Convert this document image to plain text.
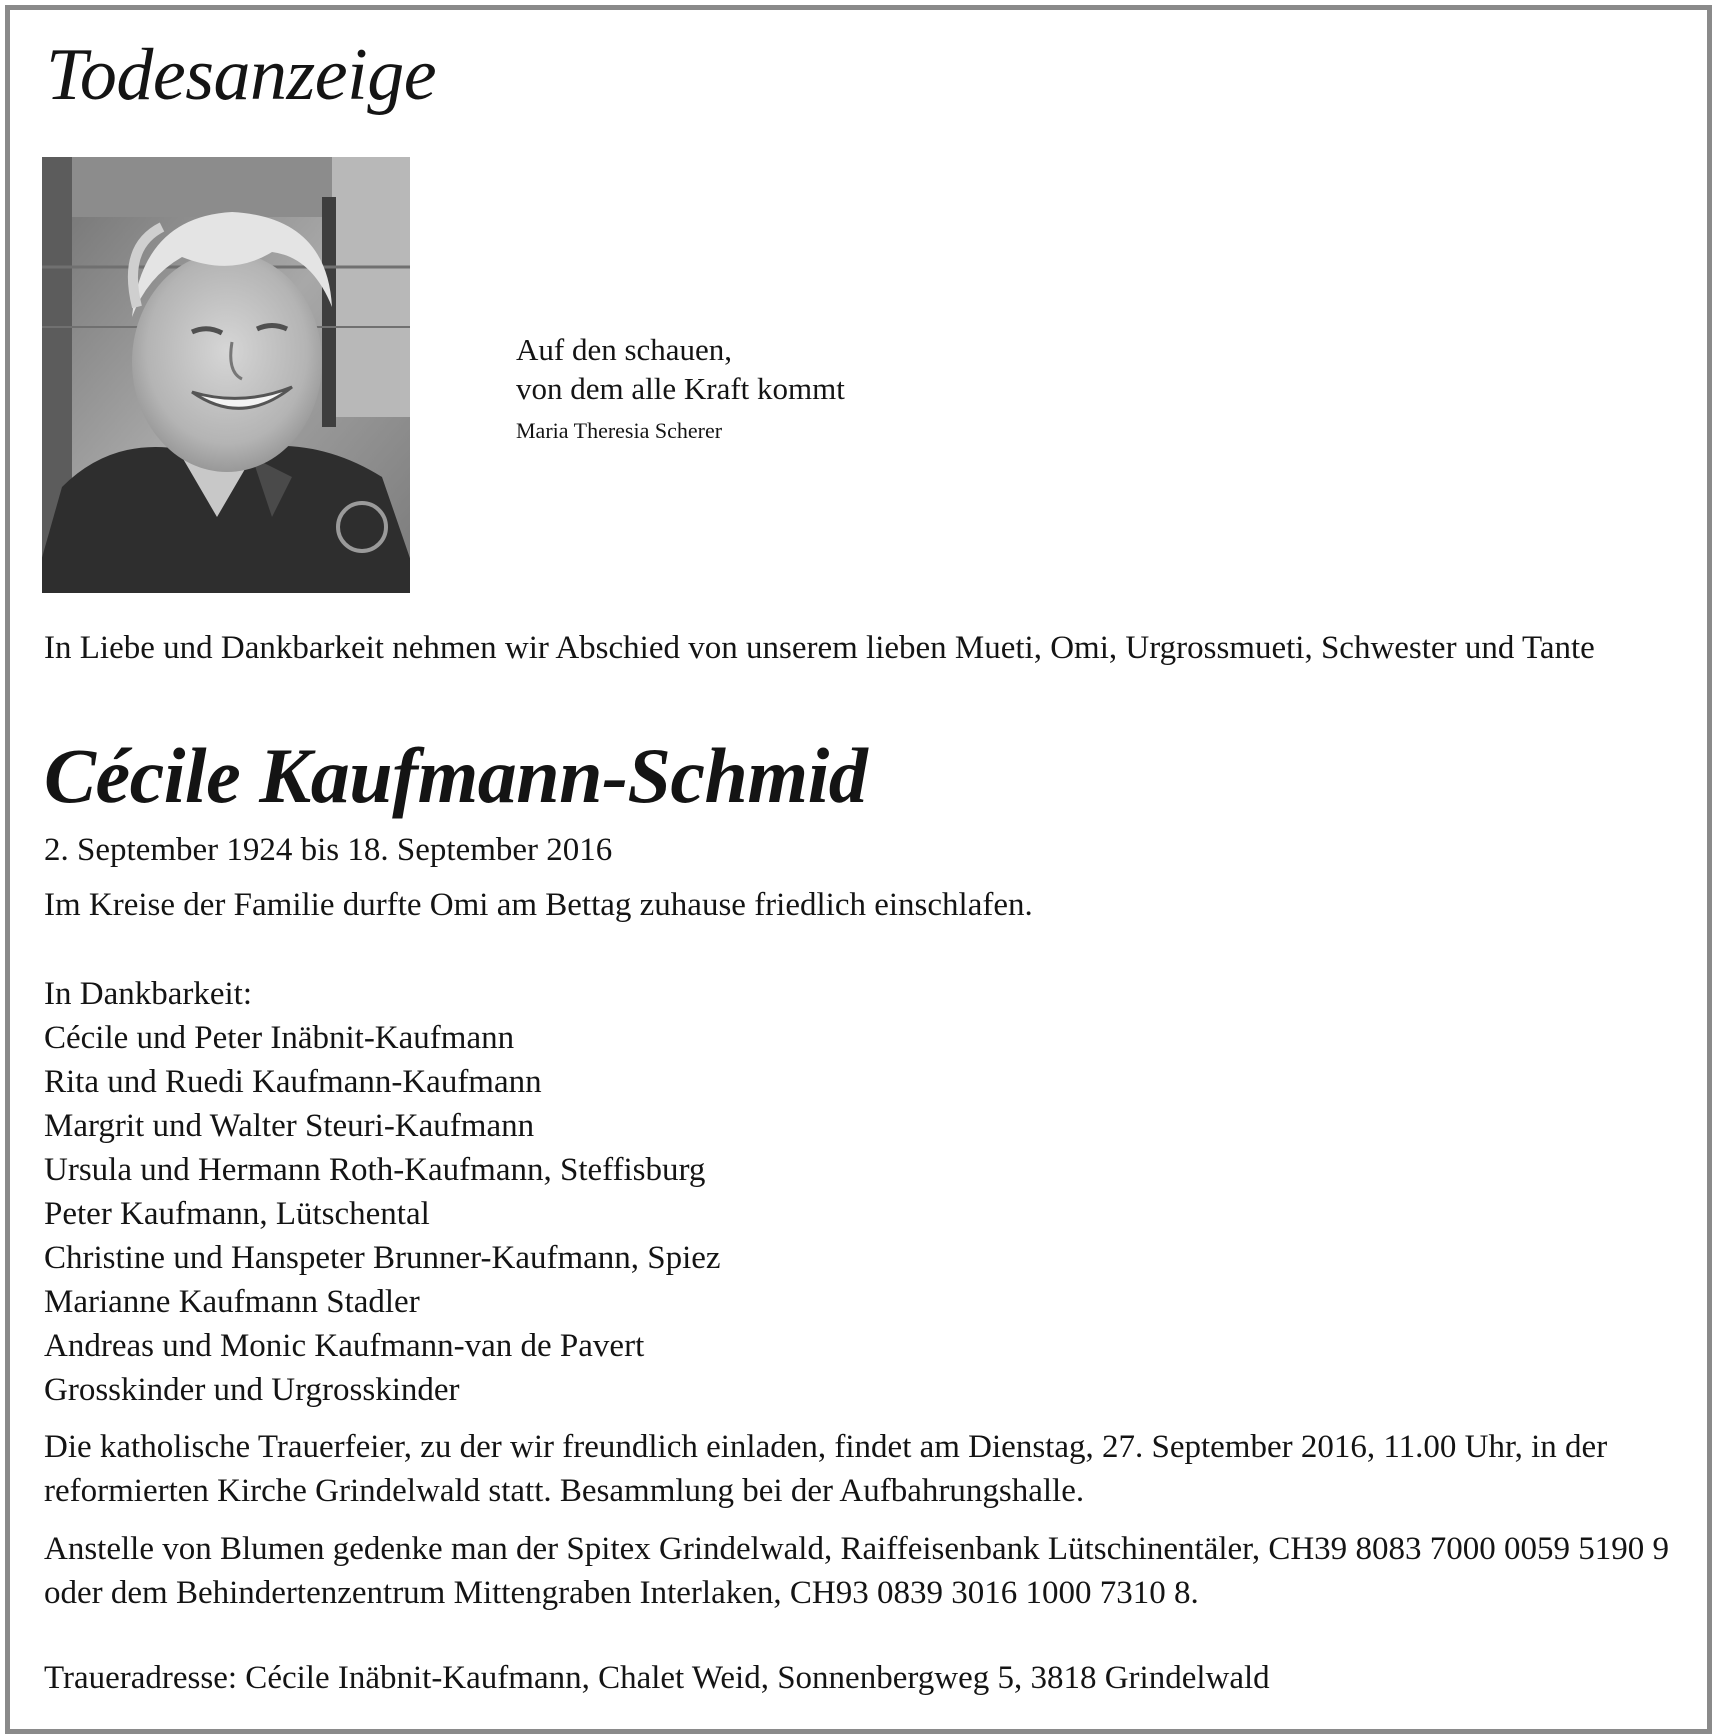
Todesanzeige
Auf den schauen,
von dem alle Kraft kommt
Maria Theresia Scherer
In Liebe und Dankbarkeit nehmen wir Abschied von unserem lieben Mueti, Omi, Urgrossmueti, Schwester und Tante
Cécile Kaufmann-Schmid
2. September 1924 bis 18. September 2016
Im Kreise der Familie durfte Omi am Bettag zuhause friedlich einschlafen.
In Dankbarkeit:
Cécile und Peter Inäbnit-Kaufmann
Rita und Ruedi Kaufmann-Kaufmann
Margrit und Walter Steuri-Kaufmann
Ursula und Hermann Roth-Kaufmann, Steffisburg
Peter Kaufmann, Lütschental
Christine und Hanspeter Brunner-Kaufmann, Spiez
Marianne Kaufmann Stadler
Andreas und Monic Kaufmann-van de Pavert
Grosskinder und Urgrosskinder
Die katholische Trauerfeier, zu der wir freundlich einladen, findet am Dienstag, 27. September 2016, 11.00 Uhr, in der reformierten Kirche Grindelwald statt. Besammlung bei der Aufbahrungshalle.
Anstelle von Blumen gedenke man der Spitex Grindelwald, Raiffeisenbank Lütschinentäler, CH39 8083 7000 0059 5190 9 oder dem Behindertenzentrum Mittengraben Interlaken, CH93 0839 3016 1000 7310 8.
Traueradresse: Cécile Inäbnit-Kaufmann, Chalet Weid, Sonnenbergweg 5, 3818 Grindelwald
